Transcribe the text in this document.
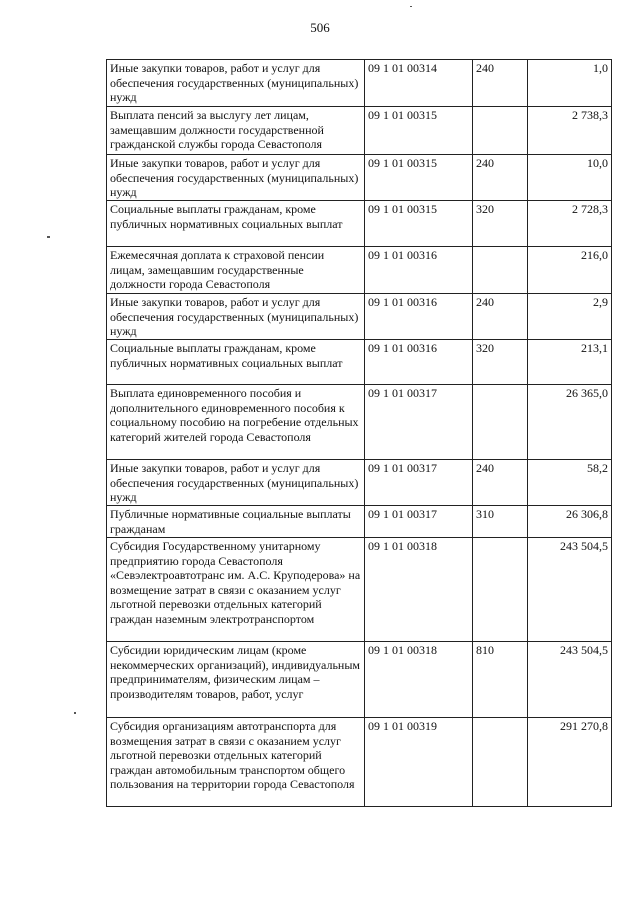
506
Иные закупки товаров, работ и услуг для обеспечения государственных (муниципальных) нужд	09 1 01 00314	240	1,0
Выплата пенсий за выслугу лет лицам, замещавшим должности государственной гражданской службы города Севастополя	09 1 01 00315		2 738,3
Иные закупки товаров, работ и услуг для обеспечения государственных (муниципальных) нужд	09 1 01 00315	240	10,0
Социальные выплаты гражданам, кроме публичных нормативных социальных выплат	09 1 01 00315	320	2 728,3
Ежемесячная доплата к страховой пенсии лицам, замещавшим государственные должности города Севастополя	09 1 01 00316		216,0
Иные закупки товаров, работ и услуг для обеспечения государственных (муниципальных) нужд	09 1 01 00316	240	2,9
Социальные выплаты гражданам, кроме публичных нормативных социальных выплат	09 1 01 00316	320	213,1
Выплата единовременного пособия и дополнительного единовременного пособия к социальному пособию на погребение отдельных категорий жителей города Севастополя	09 1 01 00317		26 365,0
Иные закупки товаров, работ и услуг для обеспечения государственных (муниципальных) нужд	09 1 01 00317	240	58,2
Публичные нормативные социальные выплаты гражданам	09 1 01 00317	310	26 306,8
Субсидия Государственному унитарному предприятию города Севастополя «Севэлектроавтотранс им. А.С. Круподерова» на возмещение затрат в связи с оказанием услуг льготной перевозки отдельных категорий граждан наземным электротранспортом	09 1 01 00318		243 504,5
Субсидии юридическим лицам (кроме некоммерческих организаций), индивидуальным предпринимателям, физическим лицам – производителям товаров, работ, услуг	09 1 01 00318	810	243 504,5
Субсидия организациям автотранспорта для возмещения затрат в связи с оказанием услуг льготной перевозки отдельных категорий граждан автомобильным транспортом общего пользования на территории города Севастополя	09 1 01 00319		291 270,8
